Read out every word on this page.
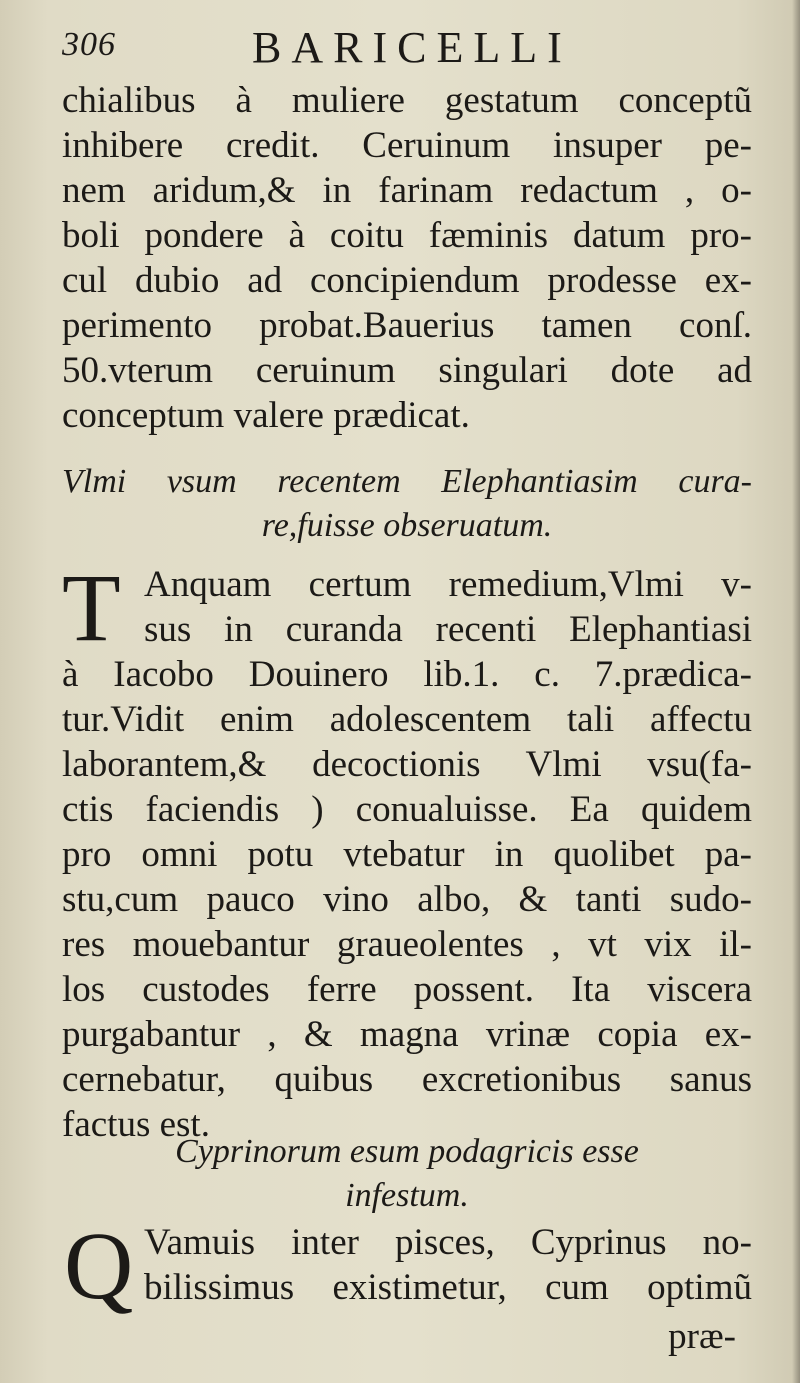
306	BARICELLI
chialibus à muliere gestatum conceptũ
inhibere credit. Ceruinum insuper pe-
nem aridum,& in farinam redactum , o-
boli pondere à coitu fæminis datum pro-
cul dubio ad concipiendum prodesse ex-
perimento probat.Bauerius tamen conſ.
50.vterum ceruinum singulari dote ad
conceptum valere prædicat.
Vlmi vsum recentem Elephantiasim cura-
re,fuisse obseruatum.
T Anquam certum remedium,Vlmi v-
sus in curanda recenti Elephantiasi
à Iacobo Douinero lib.1. c. 7.prædica-
tur.Vidit enim adolescentem tali affectu
laborantem,& decoctionis Vlmi vsu(fa-
ctis faciendis ) conualuisse. Ea quidem
pro omni potu vtebatur in quolibet pa-
stu,cum pauco vino albo, & tanti sudo-
res mouebantur graueolentes , vt vix il-
los custodes ferre possent. Ita viscera
purgabantur , & magna vrinæ copia ex-
cernebatur, quibus excretionibus sanus
factus est.
Cyprinorum esum podagricis esse
infestum.
Q Vamuis inter pisces, Cyprinus no-
bilissimus existimetur, cum optimũ
præ-
